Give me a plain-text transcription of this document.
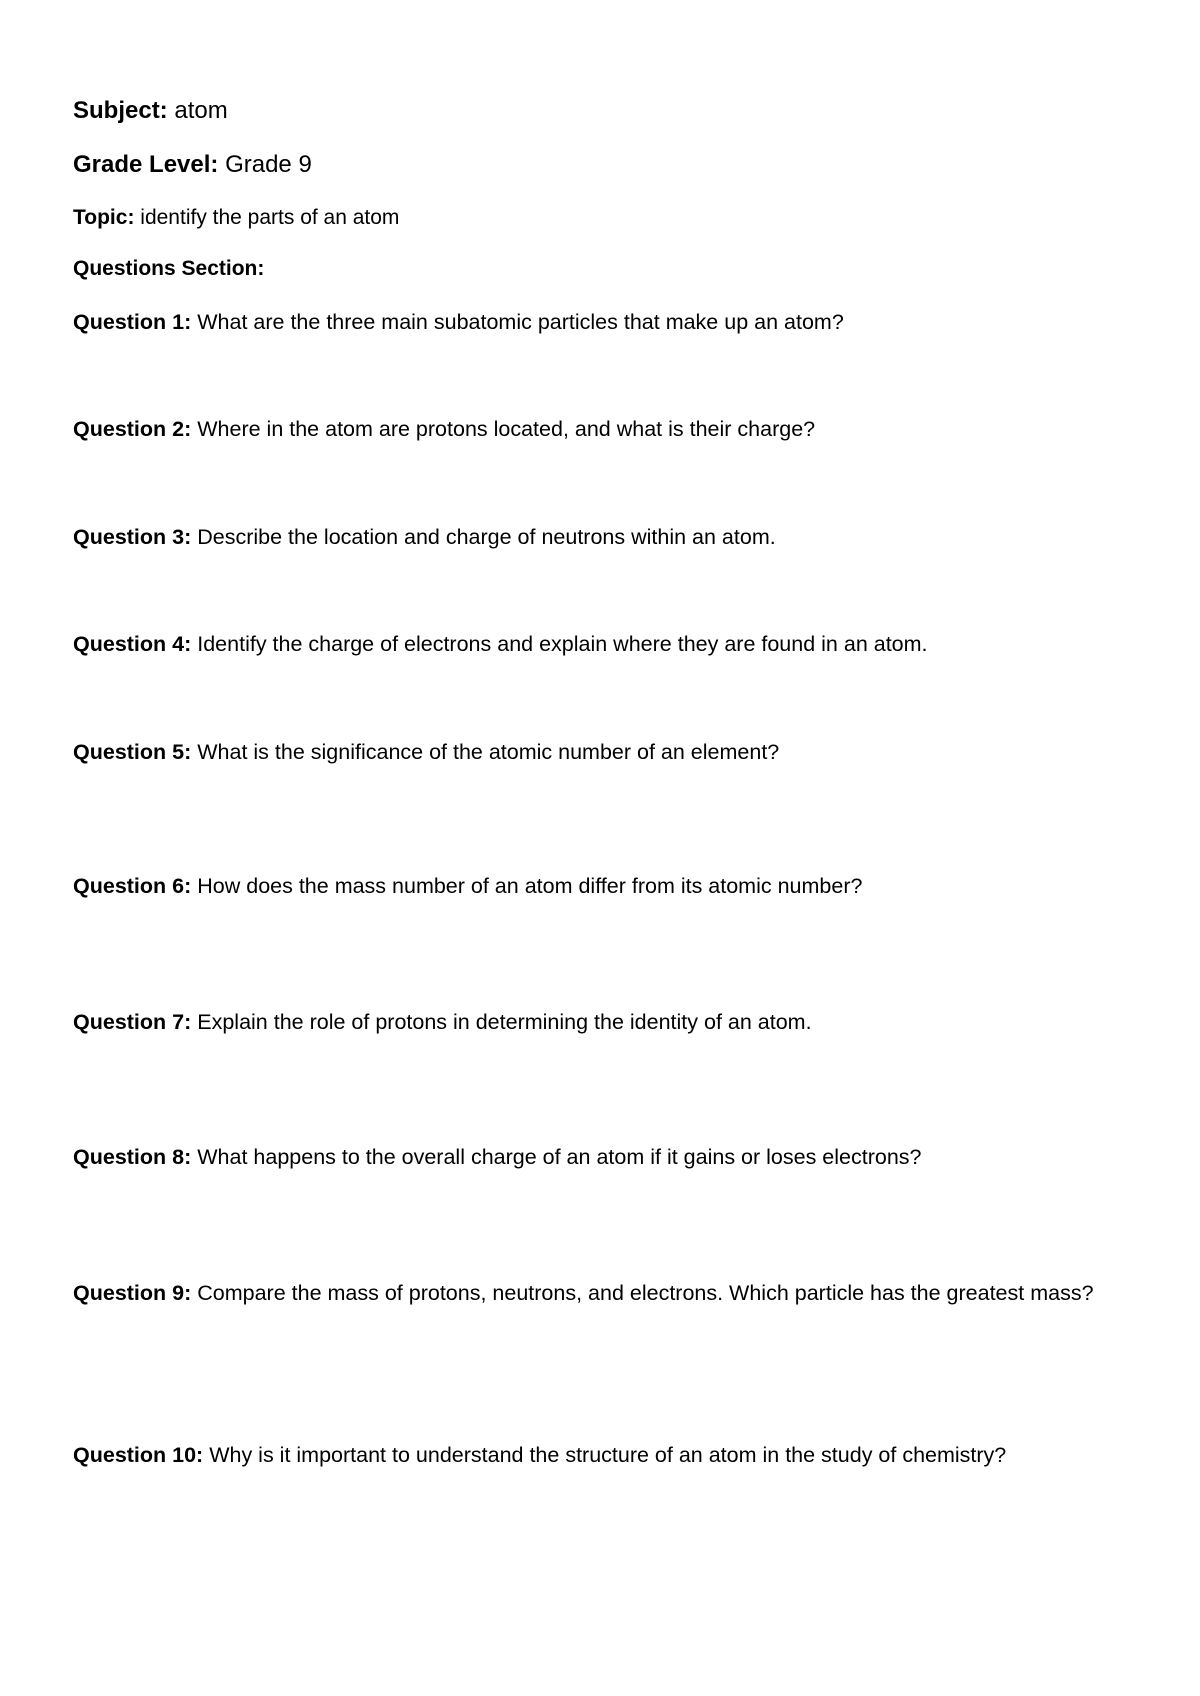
Subject: atom

Grade Level: Grade 9

Topic: identify the parts of an atom

Questions Section:

Question 1: What are the three main subatomic particles that make up an atom?

Question 2: Where in the atom are protons located, and what is their charge?

Question 3: Describe the location and charge of neutrons within an atom.

Question 4: Identify the charge of electrons and explain where they are found in an atom.

Question 5: What is the significance of the atomic number of an element?

Question 6: How does the mass number of an atom differ from its atomic number?

Question 7: Explain the role of protons in determining the identity of an atom.

Question 8: What happens to the overall charge of an atom if it gains or loses electrons?

Question 9: Compare the mass of protons, neutrons, and electrons. Which particle has the greatest mass?

Question 10: Why is it important to understand the structure of an atom in the study of chemistry?
